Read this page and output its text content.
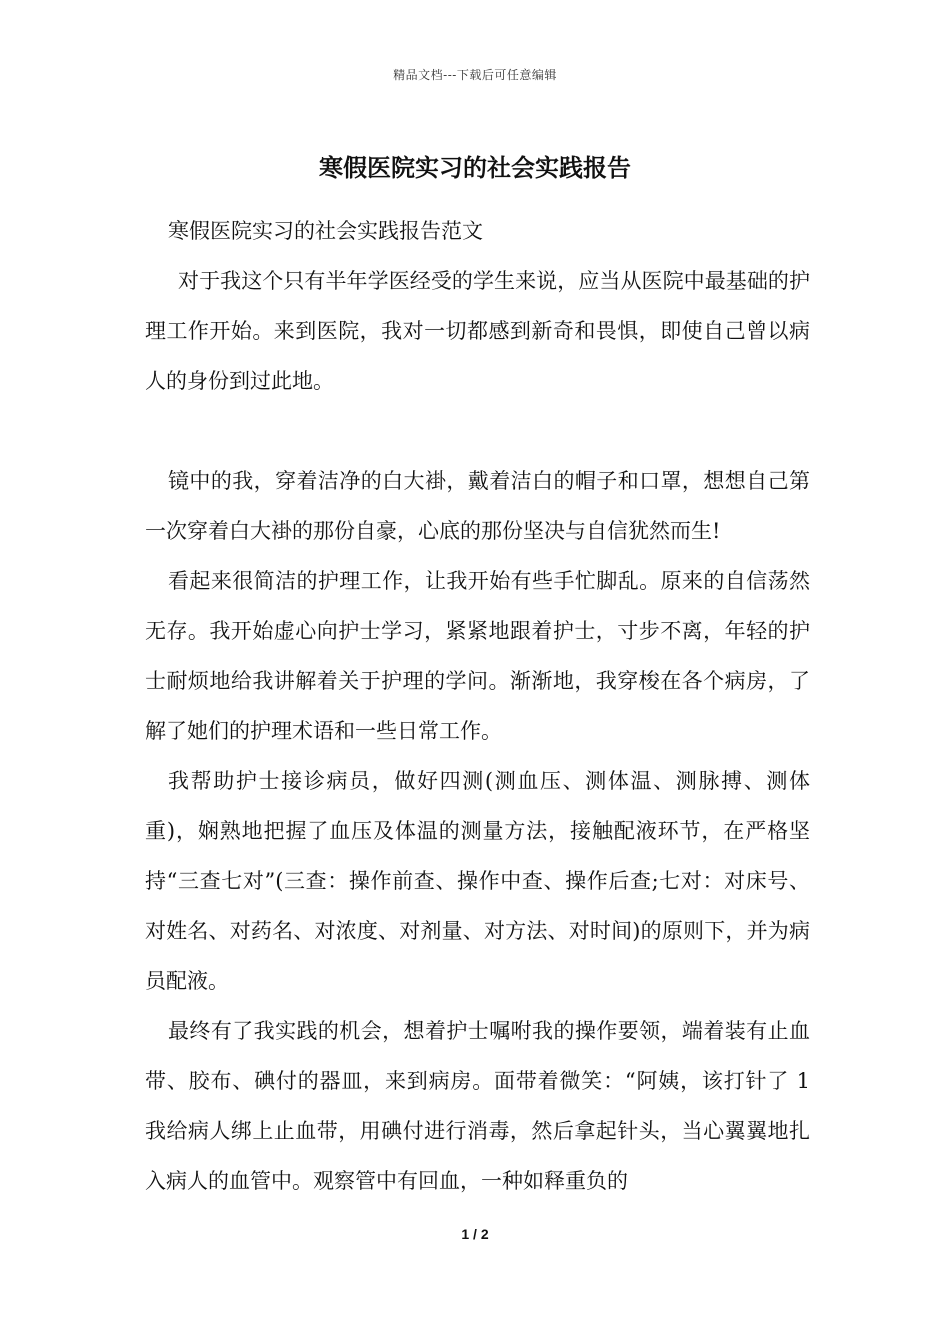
精品文档---下载后可任意编辑
寒假医院实习的社会实践报告

寒假医院实习的社会实践报告范文

对于我这个只有半年学医经受的学生来说，应当从医院中最基础的护理工作开始。来到医院，我对一切都感到新奇和畏惧，即使自己曾以病人的身份到过此地。

镜中的我，穿着洁净的白大褂，戴着洁白的帽子和口罩，想想自己第一次穿着白大褂的那份自豪，心底的那份坚决与自信犹然而生!

看起来很简洁的护理工作，让我开始有些手忙脚乱。原来的自信荡然无存。我开始虚心向护士学习，紧紧地跟着护士，寸步不离，年轻的护士耐烦地给我讲解着关于护理的学问。渐渐地，我穿梭在各个病房，了解了她们的护理术语和一些日常工作。

我帮助护士接诊病员，做好四测(测血压、测体温、测脉搏、测体重)，娴熟地把握了血压及体温的测量方法，接触配液环节，在严格坚持“三查七对”(三查：操作前查、操作中查、操作后查;七对：对床号、对姓名、对药名、对浓度、对剂量、对方法、对时间)的原则下，并为病员配液。

最终有了我实践的机会，想着护士嘱咐我的操作要领，端着装有止血带、胶布、碘付的器皿，来到病房。面带着微笑：“阿姨，该打针了 1 我给病人绑上止血带，用碘付进行消毒，然后拿起针头，当心翼翼地扎入病人的血管中。观察管中有回血，一种如释重负的

1 / 2
